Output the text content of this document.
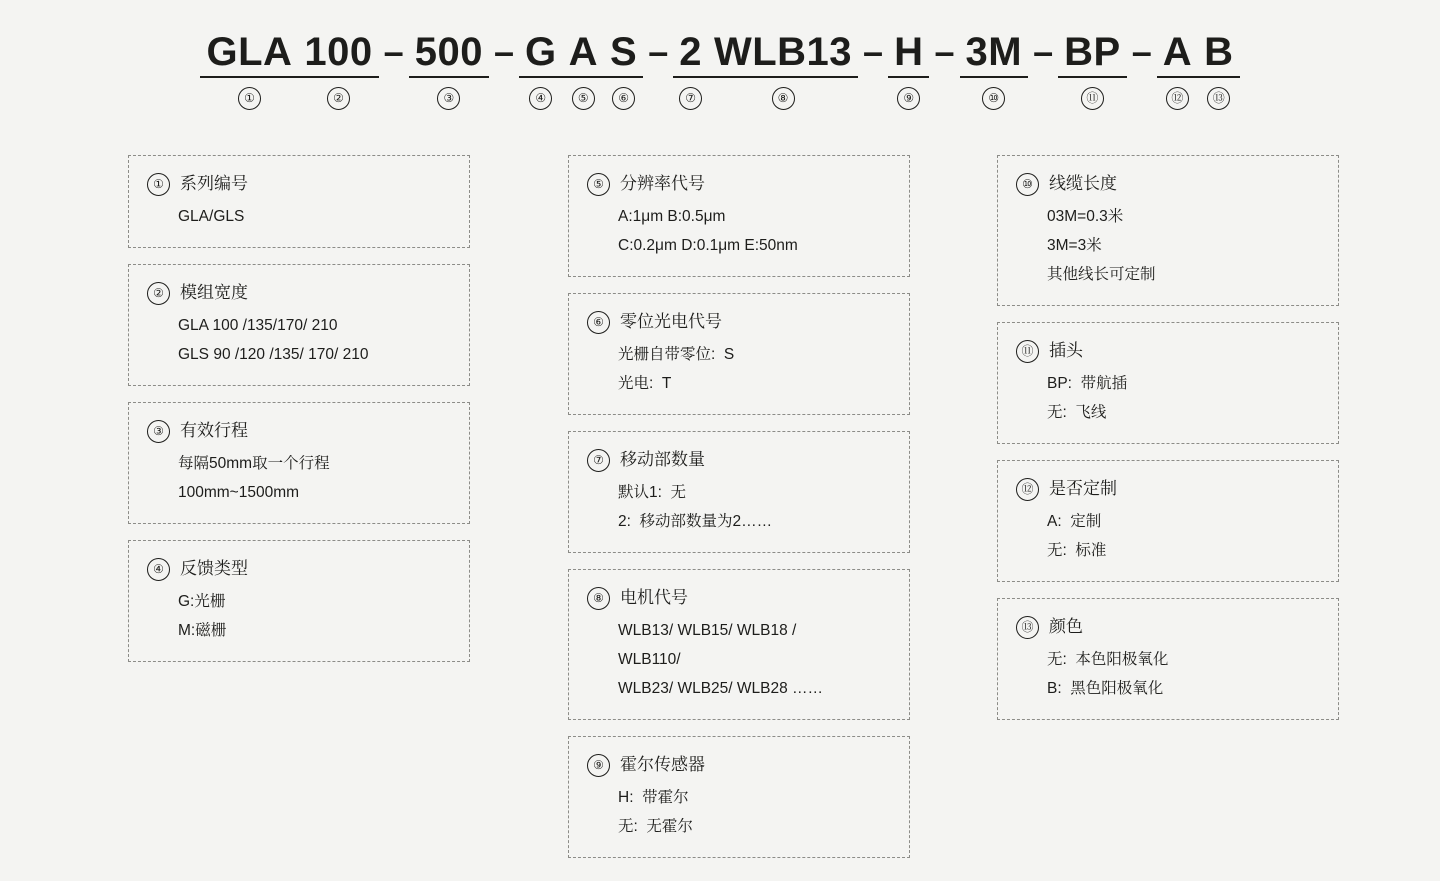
GLA
①
100
②
– 500
③
– G
④
A
⑤
S
⑥
– 2
⑦
WLB13
⑧
– H
⑨
– 3M
⑩
– BP
⑪
– A
⑫
B
⑬
① 系列编号
GLA/GLS
② 模组宽度
GLA 100 /135/170/ 210
GLS 90 /120 /135/ 170/ 210
③ 有效行程
每隔50mm取一个行程
100mm~1500mm
④ 反馈类型
G:光栅
M:磁栅
⑤ 分辨率代号
A:1μm B:0.5μm
C:0.2μm D:0.1μm E:50nm
⑥ 零位光电代号
光栅自带零位:  S
光电:  T
⑦ 移动部数量
默认1:  无
2:  移动部数量为2……
⑧ 电机代号
WLB13/ WLB15/ WLB18 /
WLB110/
WLB23/ WLB25/ WLB28 ……
⑨ 霍尔传感器
H:  带霍尔
无:  无霍尔
⑩ 线缆长度
03M=0.3米
3M=3米
其他线长可定制
⑪ 插头
BP:  带航插
无:  飞线
⑫ 是否定制
A:  定制
无:  标准
⑬ 颜色
无:  本色阳极氧化
B:  黑色阳极氧化
